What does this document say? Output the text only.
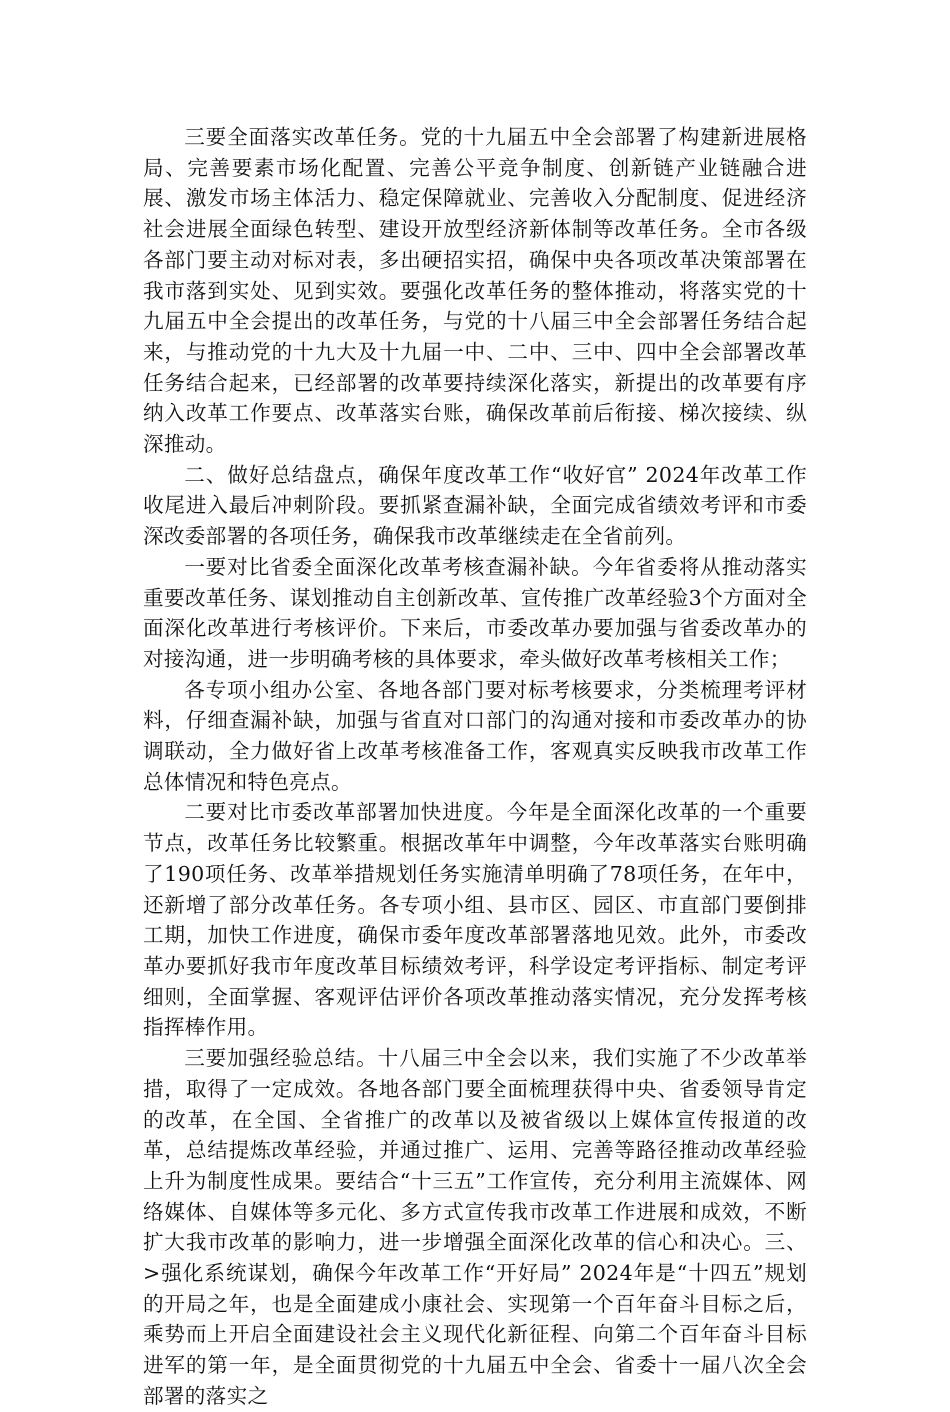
三要全面落实改革任务。党的十九届五中全会部署了构建新进展格局、完善要素市场化配置、完善公平竞争制度、创新链产业链融合进展、激发市场主体活力、稳定保障就业、完善收入分配制度、促进经济社会进展全面绿色转型、建设开放型经济新体制等改革任务。全市各级各部门要主动对标对表，多出硬招实招，确保中央各项改革决策部署在我市落到实处、见到实效。要强化改革任务的整体推动，将落实党的十九届五中全会提出的改革任务，与党的十八届三中全会部署任务结合起来，与推动党的十九大及十九届一中、二中、三中、四中全会部署改革任务结合起来，已经部署的改革要持续深化落实，新提出的改革要有序纳入改革工作要点、改革落实台账，确保改革前后衔接、梯次接续、纵深推动。

二、做好总结盘点，确保年度改革工作“收好官” 2024年改革工作收尾进入最后冲刺阶段。要抓紧查漏补缺，全面完成省绩效考评和市委深改委部署的各项任务，确保我市改革继续走在全省前列。

一要对比省委全面深化改革考核查漏补缺。今年省委将从推动落实重要改革任务、谋划推动自主创新改革、宣传推广改革经验3个方面对全面深化改革进行考核评价。下来后，市委改革办要加强与省委改革办的对接沟通，进一步明确考核的具体要求，牵头做好改革考核相关工作；

各专项小组办公室、各地各部门要对标考核要求，分类梳理考评材料，仔细查漏补缺，加强与省直对口部门的沟通对接和市委改革办的协调联动，全力做好省上改革考核准备工作，客观真实反映我市改革工作总体情况和特色亮点。

二要对比市委改革部署加快进度。今年是全面深化改革的一个重要节点，改革任务比较繁重。根据改革年中调整，今年改革落实台账明确了190项任务、改革举措规划任务实施清单明确了78项任务，在年中，还新增了部分改革任务。各专项小组、县市区、园区、市直部门要倒排工期，加快工作进度，确保市委年度改革部署落地见效。此外，市委改革办要抓好我市年度改革目标绩效考评，科学设定考评指标、制定考评细则，全面掌握、客观评估评价各项改革推动落实情况，充分发挥考核指挥棒作用。

三要加强经验总结。十八届三中全会以来，我们实施了不少改革举措，取得了一定成效。各地各部门要全面梳理获得中央、省委领导肯定的改革，在全国、全省推广的改革以及被省级以上媒体宣传报道的改革，总结提炼改革经验，并通过推广、运用、完善等路径推动改革经验上升为制度性成果。要结合“十三五”工作宣传，充分利用主流媒体、网络媒体、自媒体等多元化、多方式宣传我市改革工作进展和成效，不断扩大我市改革的影响力，进一步增强全面深化改革的信心和决心。三、>强化系统谋划，确保今年改革工作“开好局” 2024年是“十四五”规划的开局之年，也是全面建成小康社会、实现第一个百年奋斗目标之后，乘势而上开启全面建设社会主义现代化新征程、向第二个百年奋斗目标进军的第一年，是全面贯彻党的十九届五中全会、省委十一届八次全会部署的落实之
